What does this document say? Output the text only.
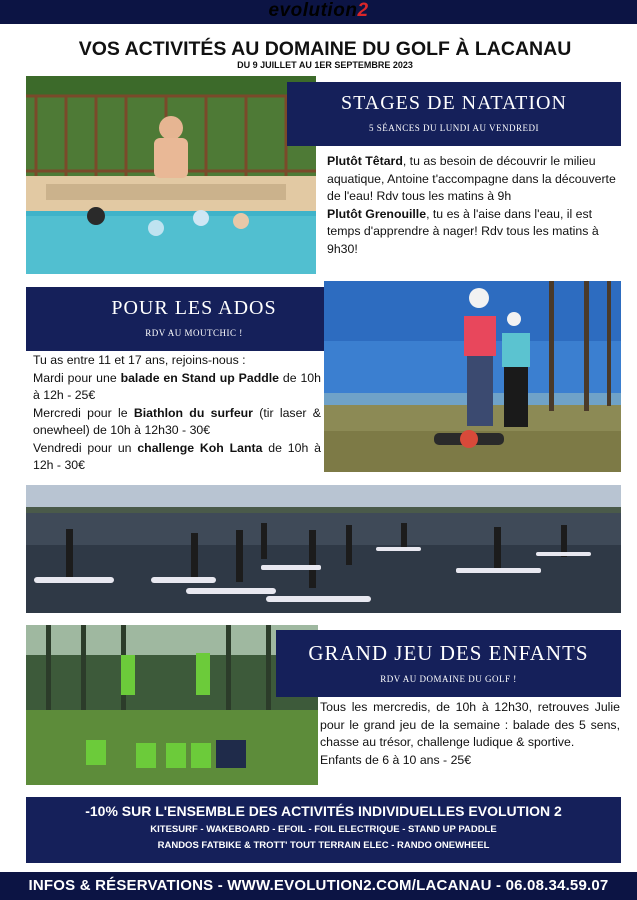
evolution2
VOS ACTIVITÉS AU DOMAINE DU GOLF À LACANAU
DU 9 JUILLET AU 1ER SEPTEMBRE 2023
STAGES DE NATATION
5 SÉANCES DU LUNDI AU VENDREDI
Plutôt Têtard, tu as besoin de découvrir le milieu aquatique, Antoine t'accompagne dans la découverte de l'eau! Rdv tous les matins à 9h
Plutôt Grenouille, tu es à l'aise dans l'eau, il est temps d'apprendre à nager! Rdv tous les matins à 9h30!
POUR LES ADOS
RDV AU MOUTCHIC !
Tu as entre 11 et 17 ans, rejoins-nous :
Mardi pour une balade en Stand up Paddle de 10h à 12h - 25€
Mercredi pour le Biathlon du surfeur (tir laser & onewheel) de 10h à 12h30 - 30€
Vendredi pour un challenge Koh Lanta de 10h à 12h - 30€
GRAND JEU DES ENFANTS
RDV AU DOMAINE DU GOLF !
Tous les mercredis, de 10h à 12h30, retrouves Julie pour le grand jeu de la semaine : balade des 5 sens, chasse au trésor, challenge ludique & sportive.
Enfants de 6 à 10 ans - 25€
-10% SUR L'ENSEMBLE DES ACTIVITÉS INDIVIDUELLES EVOLUTION 2
KITESURF - WAKEBOARD - EFOIL - FOIL ELECTRIQUE - STAND UP PADDLE
RANDOS FATBIKE & TROTT' TOUT TERRAIN ELEC - RANDO ONEWHEEL
INFOS & RÉSERVATIONS - WWW.EVOLUTION2.COM/LACANAU - 06.08.34.59.07
